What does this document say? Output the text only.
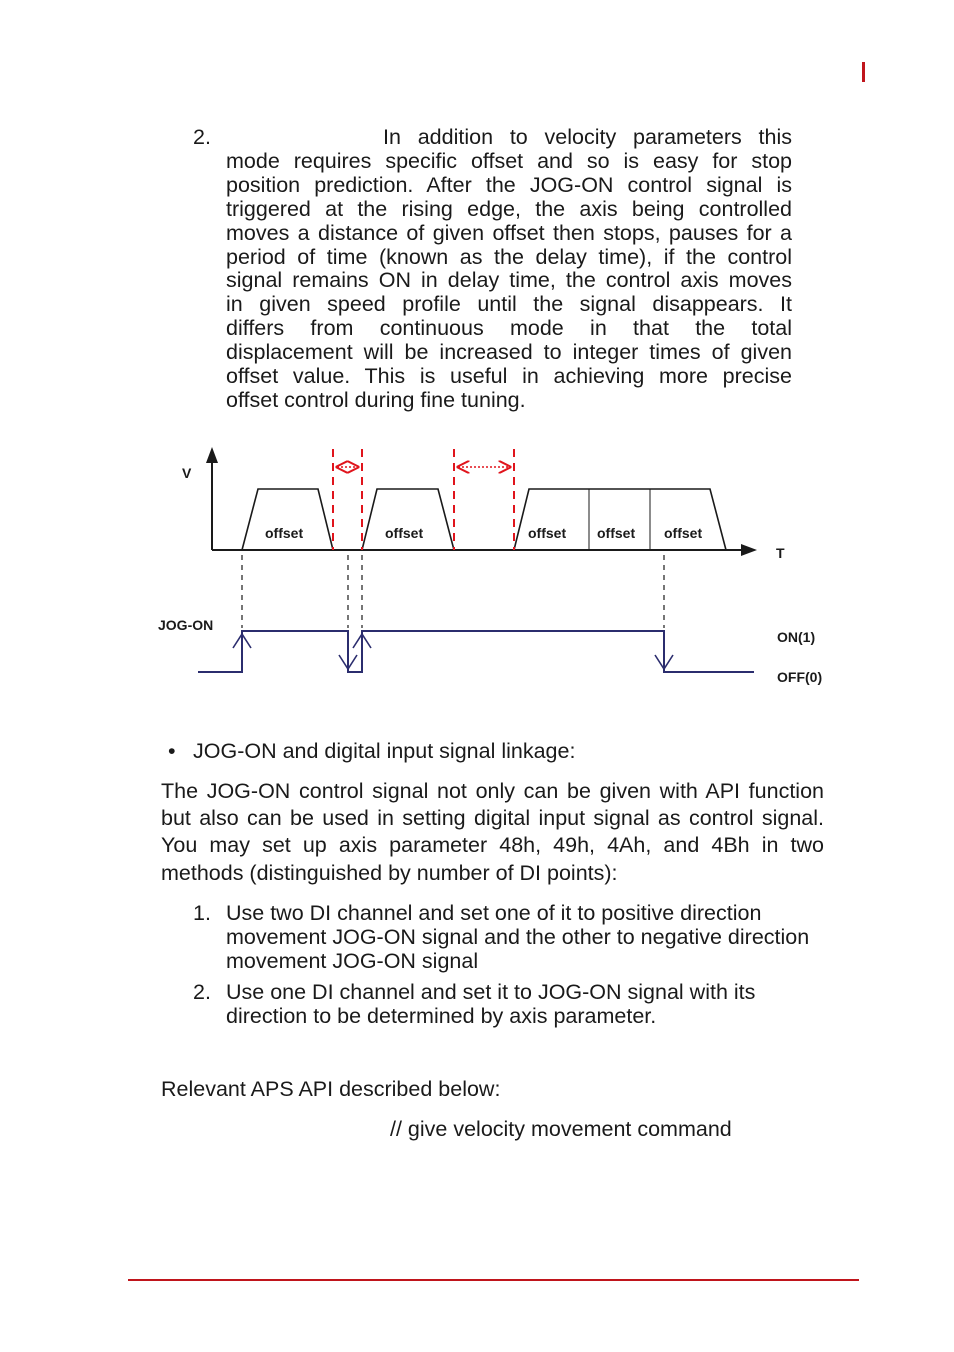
2.	In addition to velocity parameters this
mode requires specific offset and so is easy for stop
position prediction. After the JOG-ON control signal is
triggered at the rising edge, the axis being controlled
moves a distance of given offset then stops, pauses for a
period of time (known as the delay time), if the control
signal remains ON in delay time, the control axis moves
in given speed profile until the signal disappears. It
differs from continuous mode in that the total
displacement will be increased to integer times of given
offset value. This is useful in achieving more precise
offset control during fine tuning.
V
T
offset	offset	offset offset offset
JOG-ON
ON(1)
OFF(0)
• JOG-ON and digital input signal linkage:
The JOG-ON control signal not only can be given with API function
but also can be used in setting digital input signal as control signal.
You may set up axis parameter 48h, 49h, 4Ah, and 4Bh in two
methods (distinguished by number of DI points):
1. Use two DI channel and set one of it to positive direction
movement JOG-ON signal and the other to negative direction
movement JOG-ON signal
2. Use one DI channel and set it to JOG-ON signal with its
direction to be determined by axis parameter.
Relevant APS API described below:
// give velocity movement command
